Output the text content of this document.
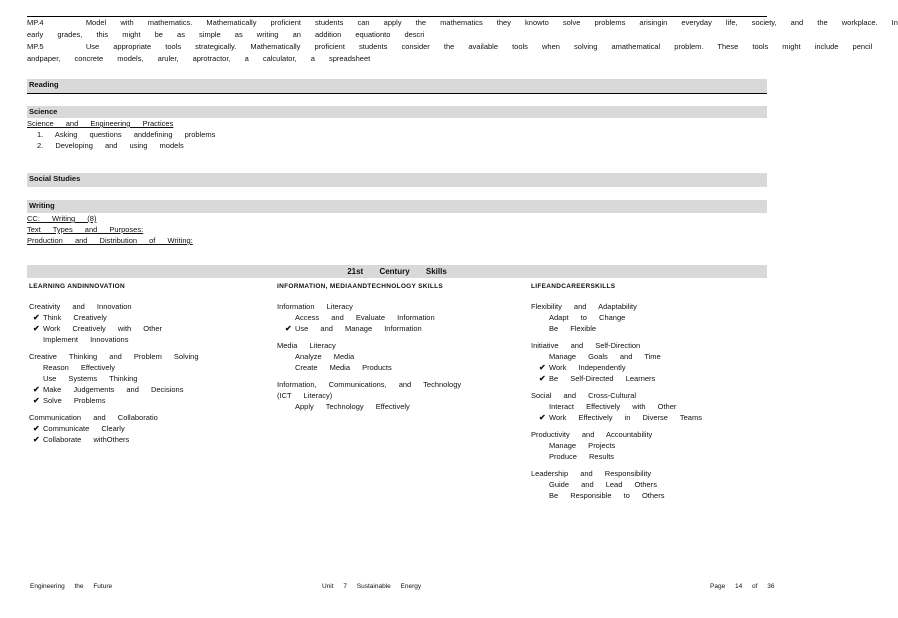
MP.4	Model with mathematics. Mathematically proficient students can apply the mathematics they knowto solve problems arisingin everyday life, society, and the workplace. In

early grades, this might be as simple as writing an addition equationto descri

MP.5	Use appropriate tools strategically. Mathematically proficient students consider the available tools when solving amathematical problem. These tools might include pencil

andpaper, concrete models, aruler, aprotractor, a calculator, a spreadsheet

Reading
Science
Science and Engineering Practices
1. Asking questions anddefining problems
2. Developing and using models
Social Studies
Writing
CC: Writing (8)
Text Types and Purposes:
Production and Distribution of Writing:
21st Century Skills
LEARNING ANDINNOVATION
Creativity and Innovation
✔ Think Creatively
✔ Work Creatively with Other
Implement Innovations
Creative Thinking and Problem Solving
Reason Effectively
Use Systems Thinking
✔ Make Judgements and Decisions
✔ Solve Problems
Communication and Collaboratio
✔ Communicate Clearly
✔ Collaborate withOthers
INFORMATION, MEDIAANDTECHNOLOGY SKILLS
Information Literacy
Access and Evaluate Information
✔ Use and Manage Information
Media Literacy
Analyze Media
Create Media Products
Information, Communications, and Technology
(ICT Literacy)
Apply Technology Effectively
LIFEANDCAREERSKILLS
Flexibility and Adaptability
Adapt to Change
Be Flexible
Initiative and Self-Direction
Manage Goals and Time
✔ Work Independently
✔ Be Self-Directed Learners
Social and Cross-Cultural
Interact Effectively with Other
✔ Work Effectively in Diverse Teams
Productivity and Accountability
Manage Projects
Produce Results
Leadership and Responsibility
Guide and Lead Others
Be Responsible to Others
Engineering the Future	Unit 7 Sustainable Energy	Page 14 of 36
